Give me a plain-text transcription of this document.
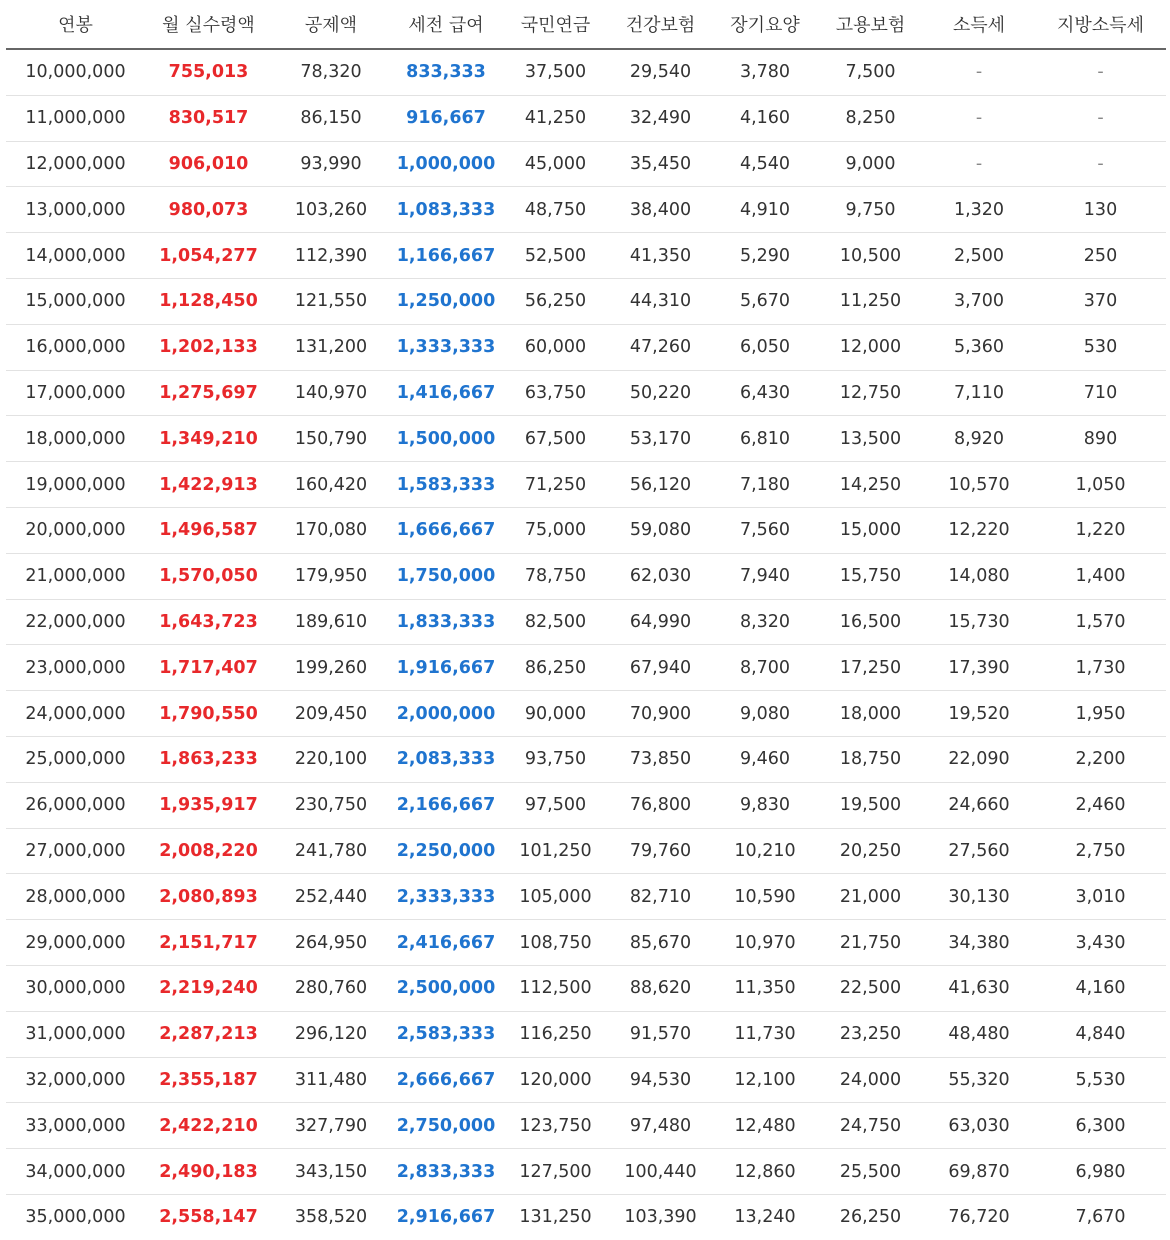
연봉	월 실수령액	공제액	세전 급여	국민연금	건강보험	장기요양	고용보험	소득세	지방소득세
10,000,000	755,013	78,320	833,333	37,500	29,540	3,780	7,500	-	-
11,000,000	830,517	86,150	916,667	41,250	32,490	4,160	8,250	-	-
12,000,000	906,010	93,990	1,000,000	45,000	35,450	4,540	9,000	-	-
13,000,000	980,073	103,260	1,083,333	48,750	38,400	4,910	9,750	1,320	130
14,000,000	1,054,277	112,390	1,166,667	52,500	41,350	5,290	10,500	2,500	250
15,000,000	1,128,450	121,550	1,250,000	56,250	44,310	5,670	11,250	3,700	370
16,000,000	1,202,133	131,200	1,333,333	60,000	47,260	6,050	12,000	5,360	530
17,000,000	1,275,697	140,970	1,416,667	63,750	50,220	6,430	12,750	7,110	710
18,000,000	1,349,210	150,790	1,500,000	67,500	53,170	6,810	13,500	8,920	890
19,000,000	1,422,913	160,420	1,583,333	71,250	56,120	7,180	14,250	10,570	1,050
20,000,000	1,496,587	170,080	1,666,667	75,000	59,080	7,560	15,000	12,220	1,220
21,000,000	1,570,050	179,950	1,750,000	78,750	62,030	7,940	15,750	14,080	1,400
22,000,000	1,643,723	189,610	1,833,333	82,500	64,990	8,320	16,500	15,730	1,570
23,000,000	1,717,407	199,260	1,916,667	86,250	67,940	8,700	17,250	17,390	1,730
24,000,000	1,790,550	209,450	2,000,000	90,000	70,900	9,080	18,000	19,520	1,950
25,000,000	1,863,233	220,100	2,083,333	93,750	73,850	9,460	18,750	22,090	2,200
26,000,000	1,935,917	230,750	2,166,667	97,500	76,800	9,830	19,500	24,660	2,460
27,000,000	2,008,220	241,780	2,250,000	101,250	79,760	10,210	20,250	27,560	2,750
28,000,000	2,080,893	252,440	2,333,333	105,000	82,710	10,590	21,000	30,130	3,010
29,000,000	2,151,717	264,950	2,416,667	108,750	85,670	10,970	21,750	34,380	3,430
30,000,000	2,219,240	280,760	2,500,000	112,500	88,620	11,350	22,500	41,630	4,160
31,000,000	2,287,213	296,120	2,583,333	116,250	91,570	11,730	23,250	48,480	4,840
32,000,000	2,355,187	311,480	2,666,667	120,000	94,530	12,100	24,000	55,320	5,530
33,000,000	2,422,210	327,790	2,750,000	123,750	97,480	12,480	24,750	63,030	6,300
34,000,000	2,490,183	343,150	2,833,333	127,500	100,440	12,860	25,500	69,870	6,980
35,000,000	2,558,147	358,520	2,916,667	131,250	103,390	13,240	26,250	76,720	7,670
